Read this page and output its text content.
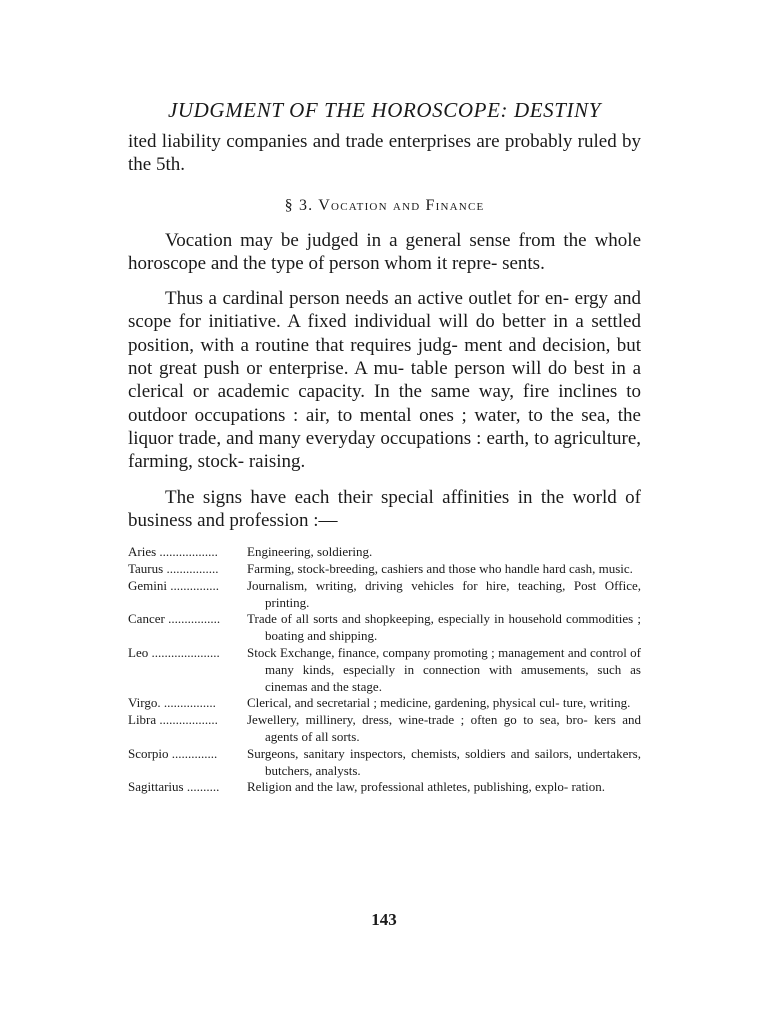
JUDGMENT OF THE HOROSCOPE: DESTINY

ited liability companies and trade enterprises are probably ruled by the 5th.

§ 3. Vocation and Finance

Vocation may be judged in a general sense from the whole horoscope and the type of person whom it repre- sents.

Thus a cardinal person needs an active outlet for en- ergy and scope for initiative. A fixed individual will do better in a settled position, with a routine that requires judg- ment and decision, but not great push or enterprise. A mu- table person will do best in a clerical or academic capacity. In the same way, fire inclines to outdoor occupations : air, to mental ones ; water, to the sea, the liquor trade, and many everyday occupations : earth, to agriculture, farming, stock- raising.

The signs have each their special affinities in the world of business and profession :—

Aries ..................	Engineering, soldiering.
Taurus ................	Farming, stock-breeding, cashiers and those who handle hard cash, music.
Gemini ...............	Journalism, writing, driving vehicles for hire, teaching, Post Office, printing.
Cancer ................	Trade of all sorts and shopkeeping, especially in household commodities ; boating and shipping.
Leo .....................	Stock Exchange, finance, company promoting ; management and control of many kinds, especially in connection with amusements, such as cinemas and the stage.
Virgo. ................	Clerical, and secretarial ; medicine, gardening, physical cul- ture, writing.
Libra ..................	Jewellery, millinery, dress, wine-trade ; often go to sea, bro- kers and agents of all sorts.
Scorpio ..............	Surgeons, sanitary inspectors, chemists, soldiers and sailors, undertakers, butchers, analysts.
Sagittarius ..........	Religion and the law, professional athletes, publishing, explo- ration.
143
